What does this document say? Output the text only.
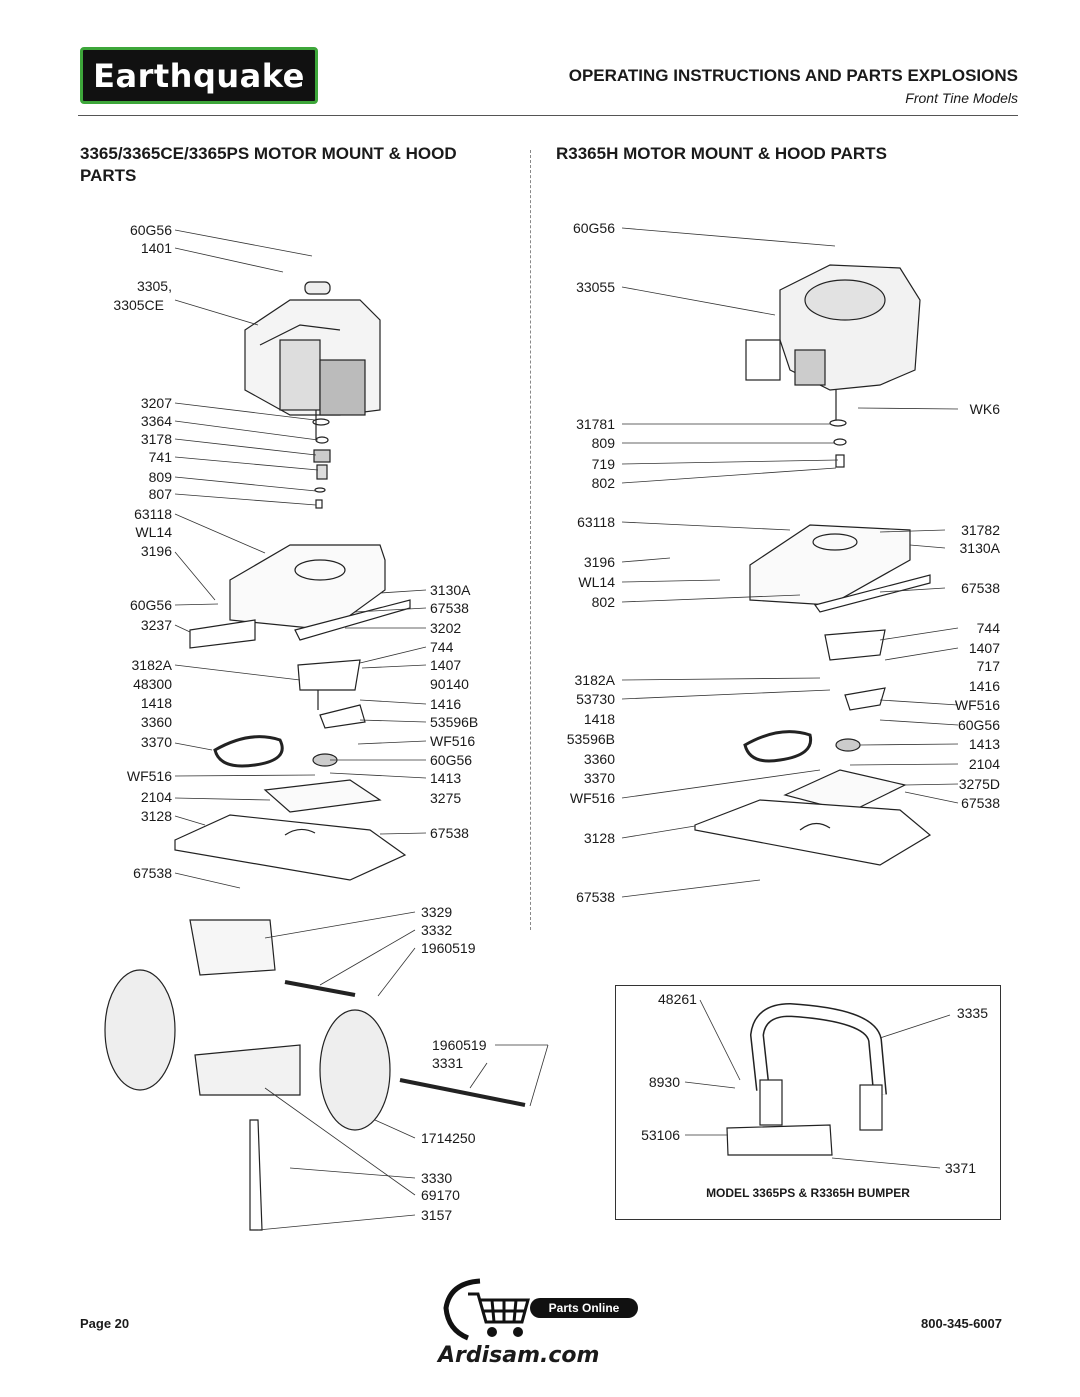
Earthquake	OPERATING INSTRUCTIONS AND PARTS EXPLOSIONS
Front Tine Models
3365/3365CE/3365PS MOTOR MOUNT & HOOD
PARTS
R3365H MOTOR MOUNT & HOOD PARTS
60G56
1401
3305,
3305CE
3207
3364
3178
741
809
807
63118
WL14
3196
60G56
3237
3182A
48300
1418
3360
3370
WF516
2104
3128
67538
3130A
67538
3202
744
1407
90140
1416
53596B
WF516
60G56
1413
3275
67538
3329
3332
1960519
1960519
3331
1714250
3330
69170
3157
60G56
33055
31781
809
719
802
63118
3196
WL14
802
3182A
53730
1418
53596B
3360
3370
WF516
3128
67538
WK6
31782
3130A
67538
744
1407
717
1416
WF516
60G56
1413
2104
3275D
67538
48261
3335
8930
53106
3371
MODEL 3365PS & R3365H BUMPER
Page 20
Parts Online
Ardisam.com
800-345-6007
